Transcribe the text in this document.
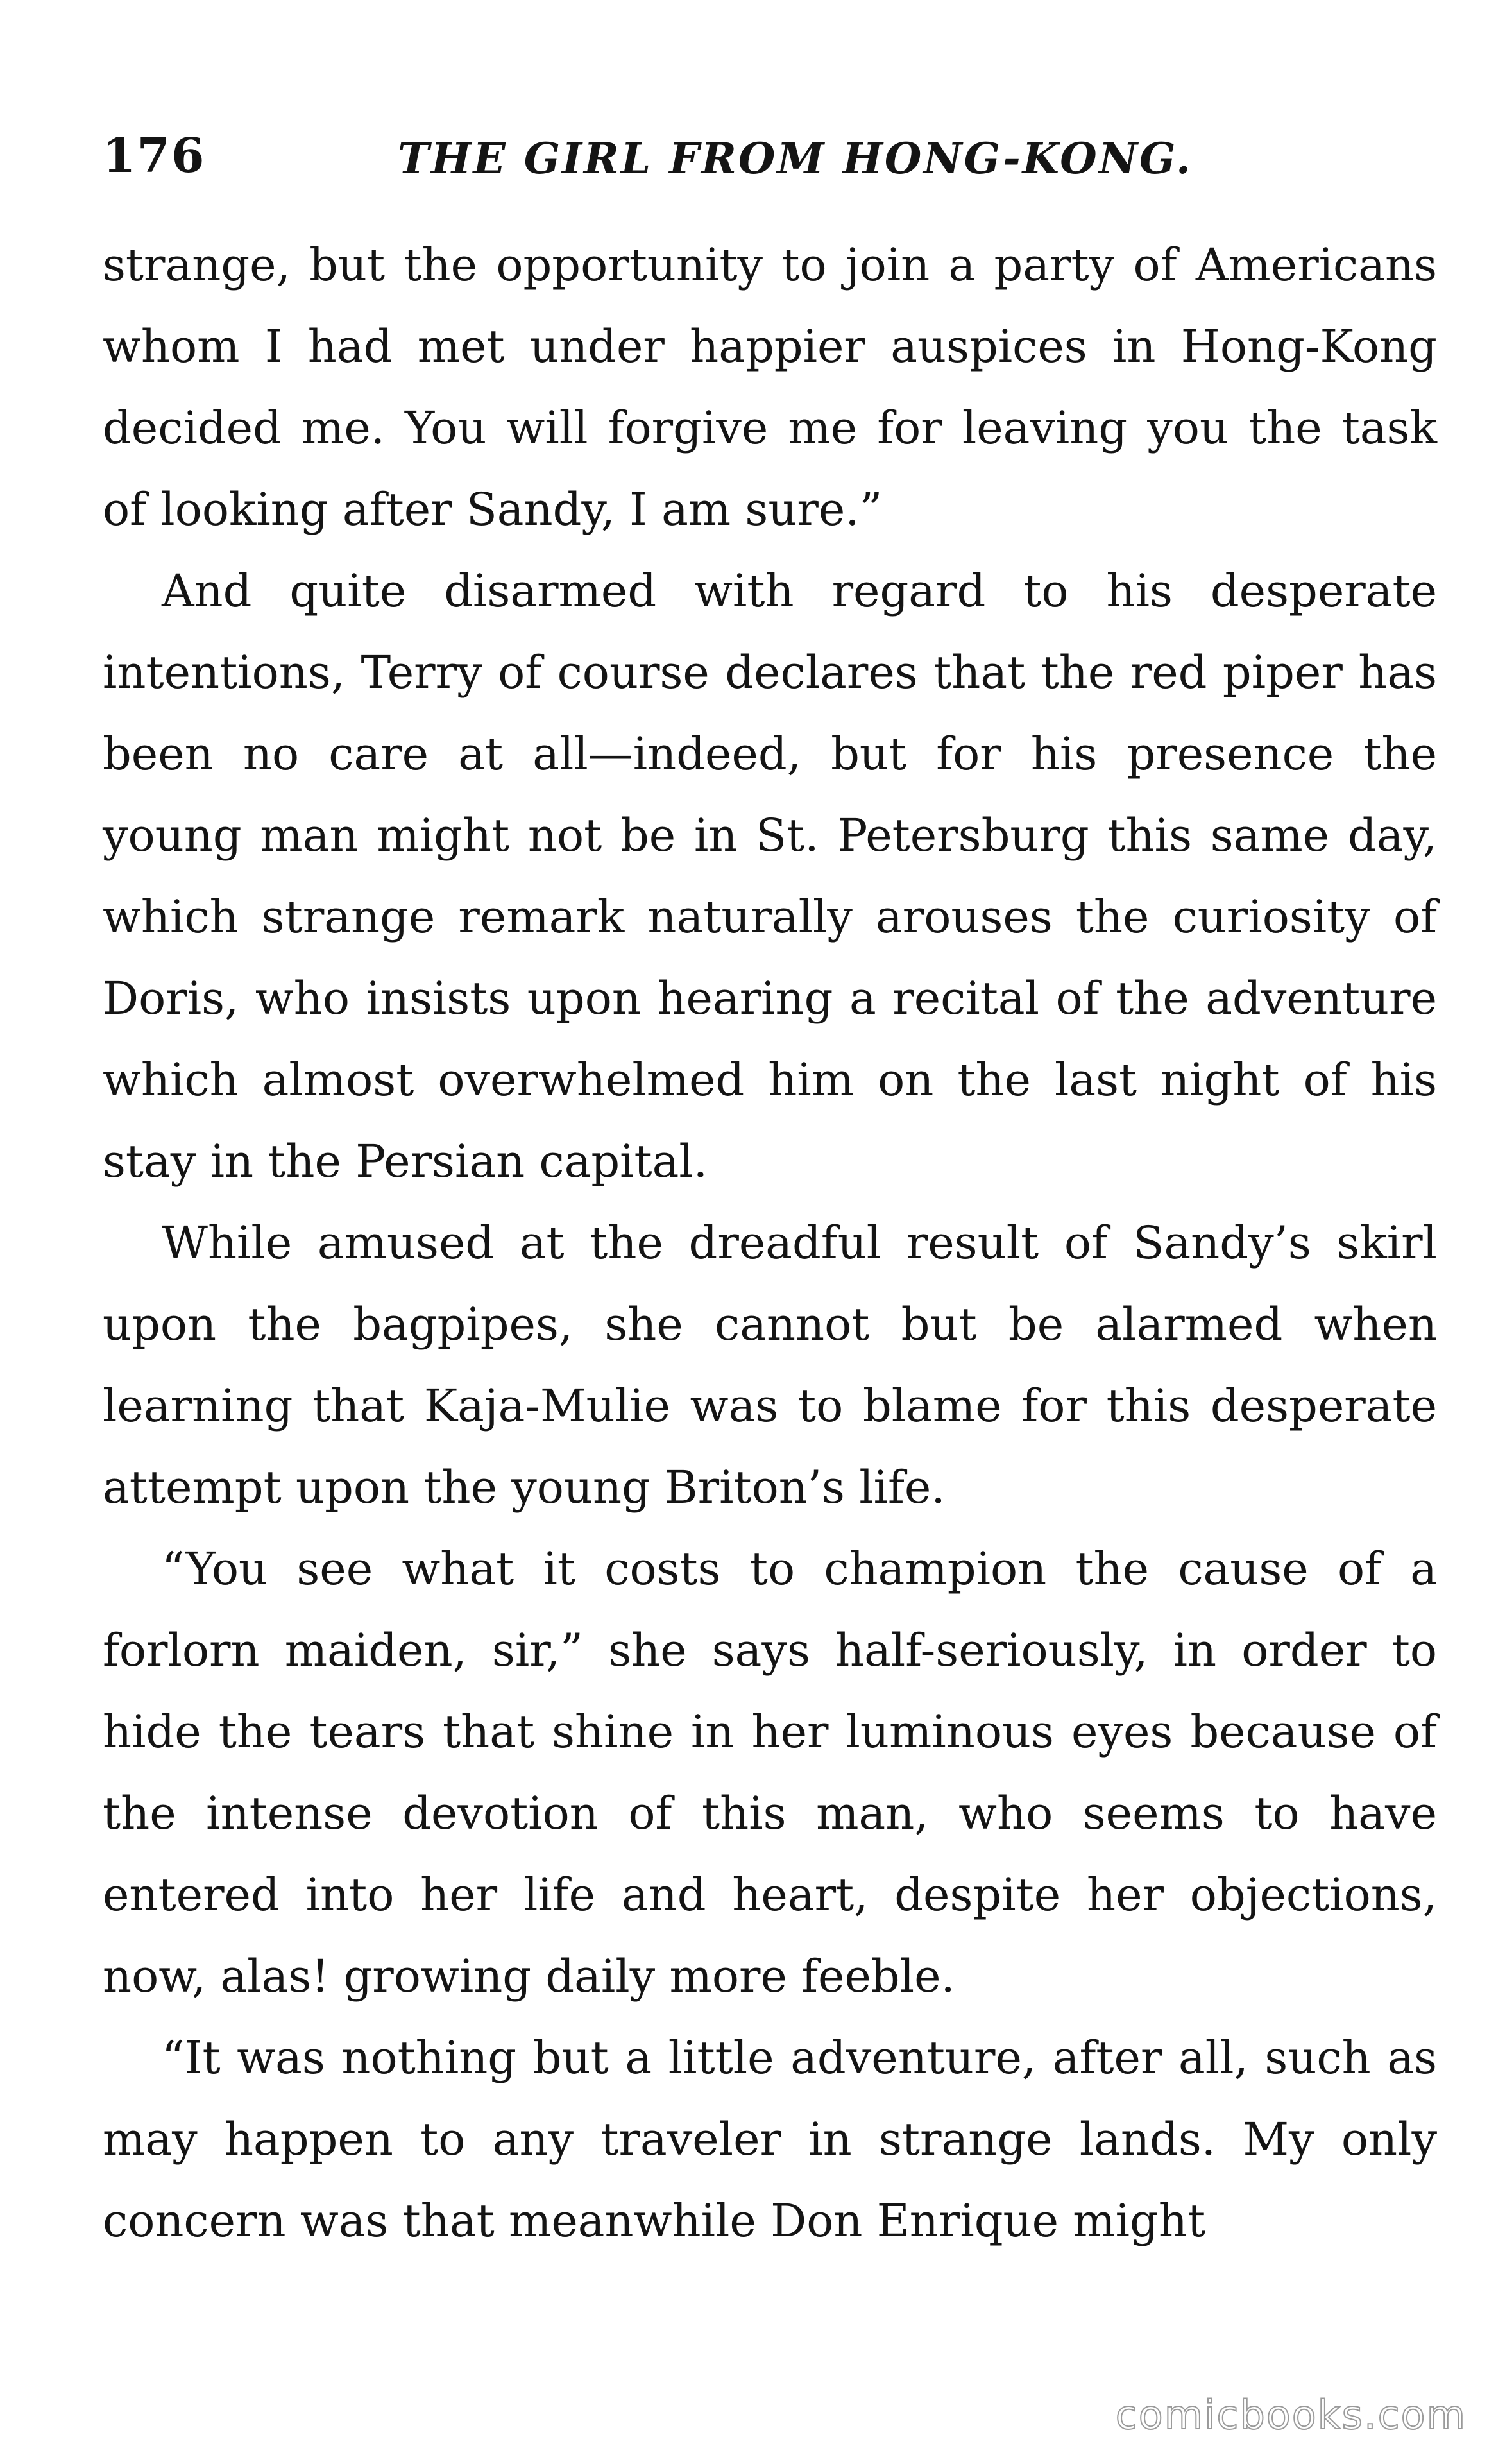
176	THE GIRL FROM HONG-KONG.

strange, but the opportunity to join a party of Americans whom I had met under happier auspices in Hong-Kong decided me. You will forgive me for leaving you the task of looking after Sandy, I am sure.”

And quite disarmed with regard to his desperate intentions, Terry of course declares that the red piper has been no care at all—indeed, but for his presence the young man might not be in St. Petersburg this same day, which strange remark naturally arouses the curiosity of Doris, who insists upon hearing a recital of the adventure which almost overwhelmed him on the last night of his stay in the Persian capital.

While amused at the dreadful result of Sandy’s skirl upon the bagpipes, she cannot but be alarmed when learning that Kaja-Mulie was to blame for this desperate attempt upon the young Briton’s life.

“You see what it costs to champion the cause of a forlorn maiden, sir,” she says half-seriously, in order to hide the tears that shine in her luminous eyes because of the intense devotion of this man, who seems to have entered into her life and heart, despite her objections, now, alas! growing daily more feeble.

“It was nothing but a little adventure, after all, such as may happen to any traveler in strange lands. My only concern was that meanwhile Don Enrique might

comicbooks.com
